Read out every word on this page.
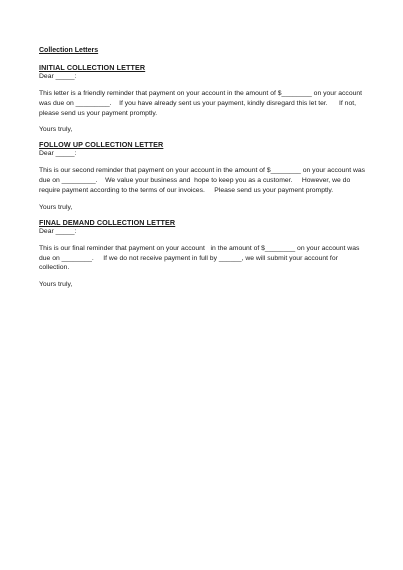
Collection Letters
INITIAL COLLECTION LETTER
Dear _____:
This letter is a friendly reminder that payment on your account in the amount of $________ on your account
was due on _________.    If you have already sent us your payment, kindly disregard this let ter.      If not,
please send us your payment promptly.
Yours truly,
FOLLOW UP COLLECTION LETTER
Dear _____:
This is our second reminder that payment on your account in the amount of $________ on your account was
due on _________.    We value your business and  hope to keep you as a customer.     However, we do
require payment according to the terms of our invoices.     Please send us your payment promptly.
Yours truly,
FINAL DEMAND COLLECTION LETTER
Dear _____:
This is our final reminder that payment on your account   in the amount of $________ on your account was
due on ________.     If we do not receive payment in full by ______, we will submit your account for
collection.
Yours truly,
